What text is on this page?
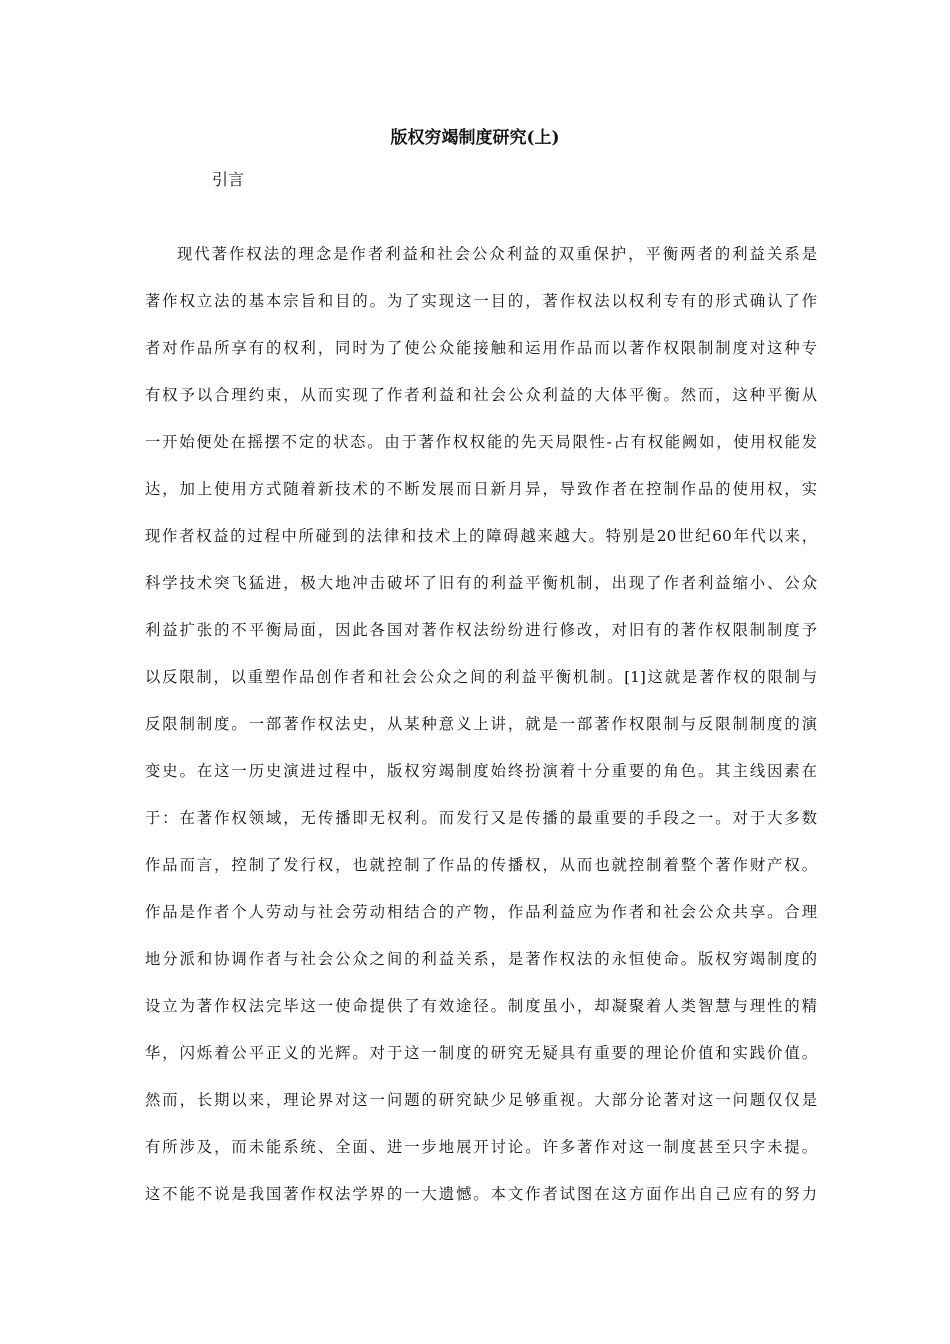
版权穷竭制度研究(上)
引言
现代著作权法的理念是作者利益和社会公众利益的双重保护，平衡两者的利益关系是
著作权立法的基本宗旨和目的。为了实现这一目的，著作权法以权利专有的形式确认了作
者对作品所享有的权利，同时为了使公众能接触和运用作品而以著作权限制制度对这种专
有权予以合理约束，从而实现了作者利益和社会公众利益的大体平衡。然而，这种平衡从
一开始便处在摇摆不定的状态。由于著作权权能的先天局限性-占有权能阙如，使用权能发
达，加上使用方式随着新技术的不断发展而日新月异，导致作者在控制作品的使用权，实
现作者权益的过程中所碰到的法律和技术上的障碍越来越大。特别是20世纪60年代以来，
科学技术突飞猛进，极大地冲击破坏了旧有的利益平衡机制，出现了作者利益缩小、公众
利益扩张的不平衡局面，因此各国对著作权法纷纷进行修改，对旧有的著作权限制制度予
以反限制，以重塑作品创作者和社会公众之间的利益平衡机制。[1]这就是著作权的限制与
反限制制度。一部著作权法史，从某种意义上讲，就是一部著作权限制与反限制制度的演
变史。在这一历史演进过程中，版权穷竭制度始终扮演着十分重要的角色。其主线因素在
于：在著作权领域，无传播即无权利。而发行又是传播的最重要的手段之一。对于大多数
作品而言，控制了发行权，也就控制了作品的传播权，从而也就控制着整个著作财产权。
作品是作者个人劳动与社会劳动相结合的产物，作品利益应为作者和社会公众共享。合理
地分派和协调作者与社会公众之间的利益关系，是著作权法的永恒使命。版权穷竭制度的
设立为著作权法完毕这一使命提供了有效途径。制度虽小，却凝聚着人类智慧与理性的精
华，闪烁着公平正义的光辉。对于这一制度的研究无疑具有重要的理论价值和实践价值。
然而，长期以来，理论界对这一问题的研究缺少足够重视。大部分论著对这一问题仅仅是
有所涉及，而未能系统、全面、进一步地展开讨论。许多著作对这一制度甚至只字未提。
这不能不说是我国著作权法学界的一大遗憾。本文作者试图在这方面作出自己应有的努力
